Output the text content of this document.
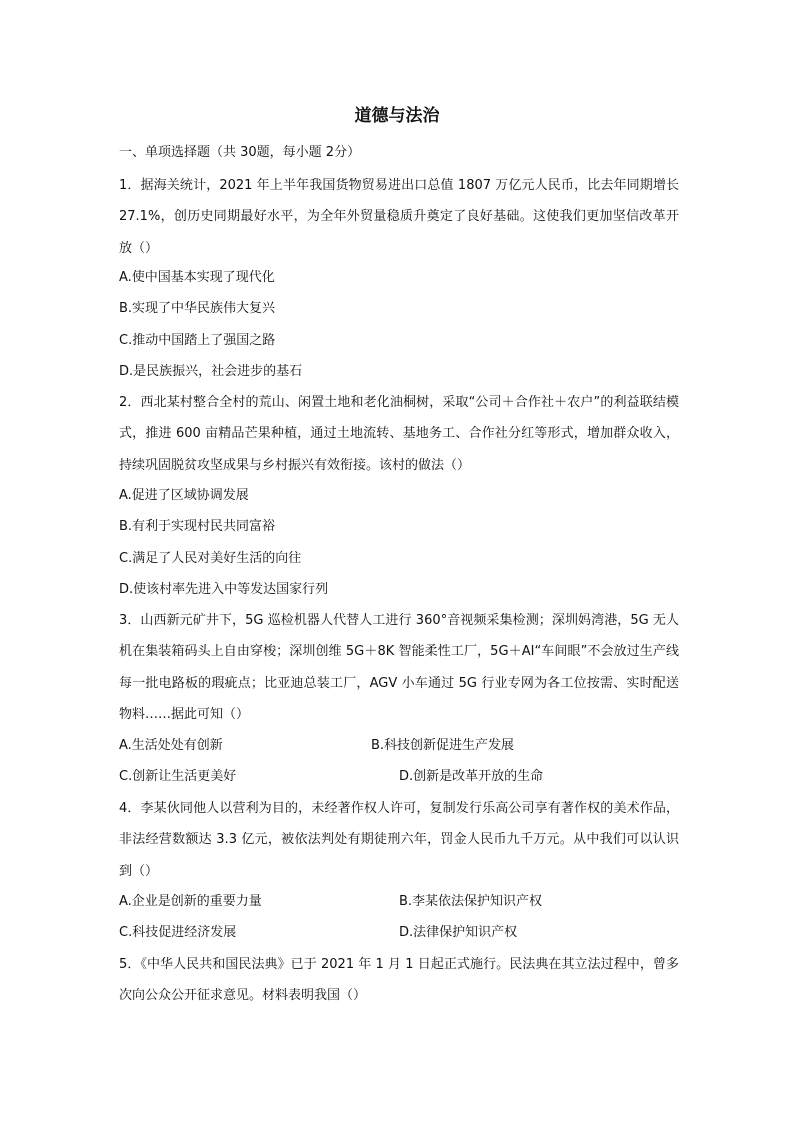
道德与法治
一、单项选择题（共 30题，每小题 2分）
1．据海关统计，2021 年上半年我国货物贸易进出口总值 1807 万亿元人民币，比去年同期增长 27.1%，创历史同期最好水平，为全年外贸量稳质升奠定了良好基础。这使我们更加坚信改革开放（）
A.使中国基本实现了现代化
B.实现了中华民族伟大复兴
C.推动中国踏上了强国之路
D.是民族振兴，社会进步的基石
2．西北某村整合全村的荒山、闲置土地和老化油桐树，采取“公司＋合作社＋农户”的利益联结模式，推进 600 亩精品芒果种植，通过土地流转、基地务工、合作社分红等形式，增加群众收入，持续巩固脱贫攻坚成果与乡村振兴有效衔接。该村的做法（）
A.促进了区域协调发展
B.有利于实现村民共同富裕
C.满足了人民对美好生活的向往
D.使该村率先进入中等发达国家行列
3．山西新元矿井下，5G 巡检机器人代替人工进行 360°音视频采集检测；深圳妈湾港，5G 无人机在集装箱码头上自由穿梭；深圳创维 5G＋8K 智能柔性工厂，5G＋AI“车间眼”不会放过生产线每一批电路板的瑕疵点；比亚迪总装工厂，AGV 小车通过 5G 行业专网为各工位按需、实时配送物料……据此可知（）
A.生活处处有创新	B.科技创新促进生产发展
C.创新让生活更美好	D.创新是改革开放的生命
4．李某伙同他人以营利为目的，未经著作权人许可，复制发行乐高公司享有著作权的美术作品，非法经营数额达 3.3 亿元，被依法判处有期徒刑六年，罚金人民币九千万元。从中我们可以认识到（）
A.企业是创新的重要力量	B.李某依法保护知识产权
C.科技促进经济发展	D.法律保护知识产权
5．《中华人民共和国民法典》已于 2021 年 1 月 1 日起正式施行。民法典在其立法过程中，曾多次向公众公开征求意见。材料表明我国（）
